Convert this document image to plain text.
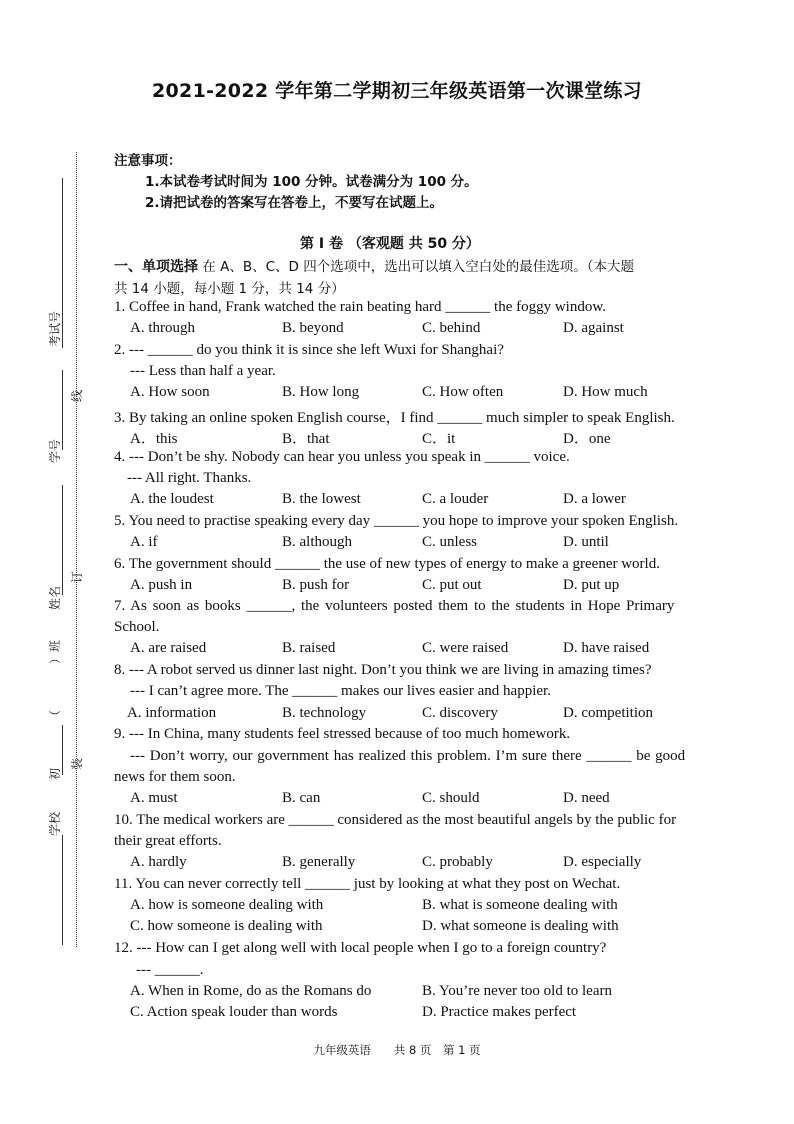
2021-2022 学年第二学期初三年级英语第一次课堂练习
考试号
线
学号
姓名
订
）班
（
初
装
学校
注意事项：
1.本试卷考试时间为 100 分钟。试卷满分为 100 分。
2.请把试卷的答案写在答卷上，不要写在试题上。
第 I 卷 （客观题 共 50 分）
一、单项选择 在 A、B、C、D 四个选项中，选出可以填入空白处的最佳选项。（本大题
共 14 小题，每小题 1 分，共 14 分）
1. Coffee in hand, Frank watched the rain beating hard ______ the foggy window.
A. through	B. beyond	C. behind	D. against
2. --- ______ do you think it is since she left Wuxi for Shanghai?
--- Less than half a year.
A. How soon	B. How long	C. How often	D. How much
3. By taking an online spoken English course，I find ______ much simpler to speak English.
A．this	B．that	C．it	D．one
4. --- Don’t be shy. Nobody can hear you unless you speak in ______ voice.
--- All right. Thanks.
A. the loudest	B. the lowest	C. a louder	D. a lower
5. You need to practise speaking every day ______ you hope to improve your spoken English.
A. if	B. although	C. unless	D. until
6. The government should ______ the use of new types of energy to make a greener world.
A. push in	B. push for	C. put out	D. put up
7. As soon as books ______, the volunteers posted them to the students in Hope Primary
School.
A. are raised	B. raised	C. were raised	D. have raised
8. --- A robot served us dinner last night. Don’t you think we are living in amazing times?
--- I can’t agree more. The ______ makes our lives easier and happier.
A. information	B. technology	C. discovery	D. competition
9. --- In China, many students feel stressed because of too much homework.
--- Don’t worry, our government has realized this problem. I’m sure there ______ be good
news for them soon.
A. must	B. can	C. should	D. need
10. The medical workers are ______ considered as the most beautiful angels by the public for
their great efforts.
A. hardly	B. generally	C. probably	D. especially
11. You can never correctly tell ______ just by looking at what they post on Wechat.
A. how is someone dealing with	B. what is someone dealing with
C. how someone is dealing with	D. what someone is dealing with
12. --- How can I get along well with local people when I go to a foreign country?
--- ______.
A. When in Rome, do as the Romans do	B. You’re never too old to learn
C. Action speak louder than words	D. Practice makes perfect
九年级英语　　共 8 页　第 1 页
